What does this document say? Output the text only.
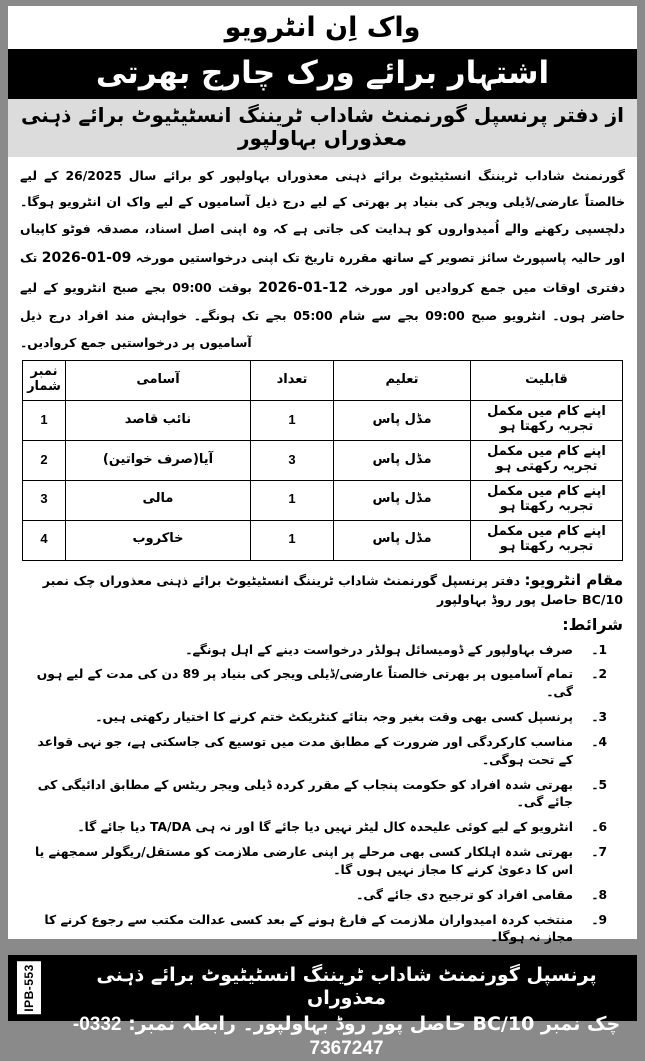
واک اِن انٹرویو
اشتہار برائے ورک چارج بھرتی
از دفتر پرنسپل گورنمنٹ شاداب ٹریننگ انسٹیٹیوٹ برائے ذہنی معذوراں بہاولپور
گورنمنٹ شاداب ٹریننگ انسٹیٹیوٹ برائے ذہنی معذوراں بہاولپور کو برائے سال 26/2025 کے لیے خالصتاً عارضی/ڈیلی ویجر کی بنیاد پر بھرتی کے لیے درج ذیل آسامیوں کے لیے واک ان انٹرویو ہوگا۔ دلچسپی رکھنے والے اُمیدواروں کو ہدایت کی جاتی ہے کہ وہ اپنی اصل اسناد، مصدقہ فوٹو کاپیاں اور حالیہ پاسپورٹ سائز تصویر کے ساتھ مقررہ تاریخ تک اپنی درخواستیں مورخہ 09-01-2026 تک دفتری اوقات میں جمع کروادیں اور مورخہ 12-01-2026 بوقت 09:00 بجے صبح انٹرویو کے لیے حاضر ہوں۔ انٹرویو صبح 09:00 بجے سے شام 05:00 بجے تک ہونگے۔ خواہش مند افراد درج ذیل آسامیوں پر درخواستیں جمع کروادیں۔
قابلیت	تعلیم	تعداد	آسامی	نمبر شمار
اپنے کام میں مکمل تجربہ رکھتا ہو	مڈل پاس	1	نائب قاصد	1
اپنے کام میں مکمل تجربہ رکھتی ہو	مڈل پاس	3	آیا(صرف خواتین)	2
اپنے کام میں مکمل تجربہ رکھتا ہو	مڈل پاس	1	مالی	3
اپنے کام میں مکمل تجربہ رکھتا ہو	مڈل پاس	1	خاکروب	4
مقام انٹرویو: دفتر پرنسپل گورنمنٹ شاداب ٹریننگ انسٹیٹیوٹ برائے ذہنی معذوراں چک نمبر 10/BC حاصل پور روڈ بہاولپور
شرائط:
1۔
صرف بہاولپور کے ڈومیسائل ہولڈر درخواست دینے کے اہل ہونگے۔
2۔
تمام آسامیوں پر بھرتی خالصتاً عارضی/ڈیلی ویجر کی بنیاد پر 89 دن کی مدت کے لیے ہوں گی۔
3۔
پرنسپل کسی بھی وقت بغیر وجہ بتائے کنٹریکٹ ختم کرنے کا اختیار رکھتی ہیں۔
4۔
مناسب کارکردگی اور ضرورت کے مطابق مدت میں توسیع کی جاسکتی ہے، جو نہی قواعد کے تحت ہوگی۔
5۔
بھرتی شدہ افراد کو حکومت پنجاب کے مقرر کردہ ڈیلی ویجر ریٹس کے مطابق ادائیگی کی جائے گی۔
6۔
انٹرویو کے لیے کوئی علیحدہ کال لیٹر نہیں دیا جائے گا اور نہ ہی TA/DA دیا جائے گا۔
7۔
بھرتی شدہ اہلکار کسی بھی مرحلے پر اپنی عارضی ملازمت کو مستقل/ریگولر سمجھنے یا اس کا دعویٰ کرنے کا مجاز نہیں ہوں گا۔
8۔
مقامی افراد کو ترجیح دی جائے گی۔
9۔
منتخب کردہ امیدواران ملازمت کے فارغ ہونے کے بعد کسی عدالت مکتب سے رجوع کرنے کا مجاز نہ ہوگا۔
IPB-553	پرنسپل گورنمنٹ شاداب ٹریننگ انسٹیٹیوٹ برائے ذہنی معذوراں
چک نمبر 10/BC حاصل پور روڈ بہاولپور۔ رابطہ نمبر: 0332-7367247
